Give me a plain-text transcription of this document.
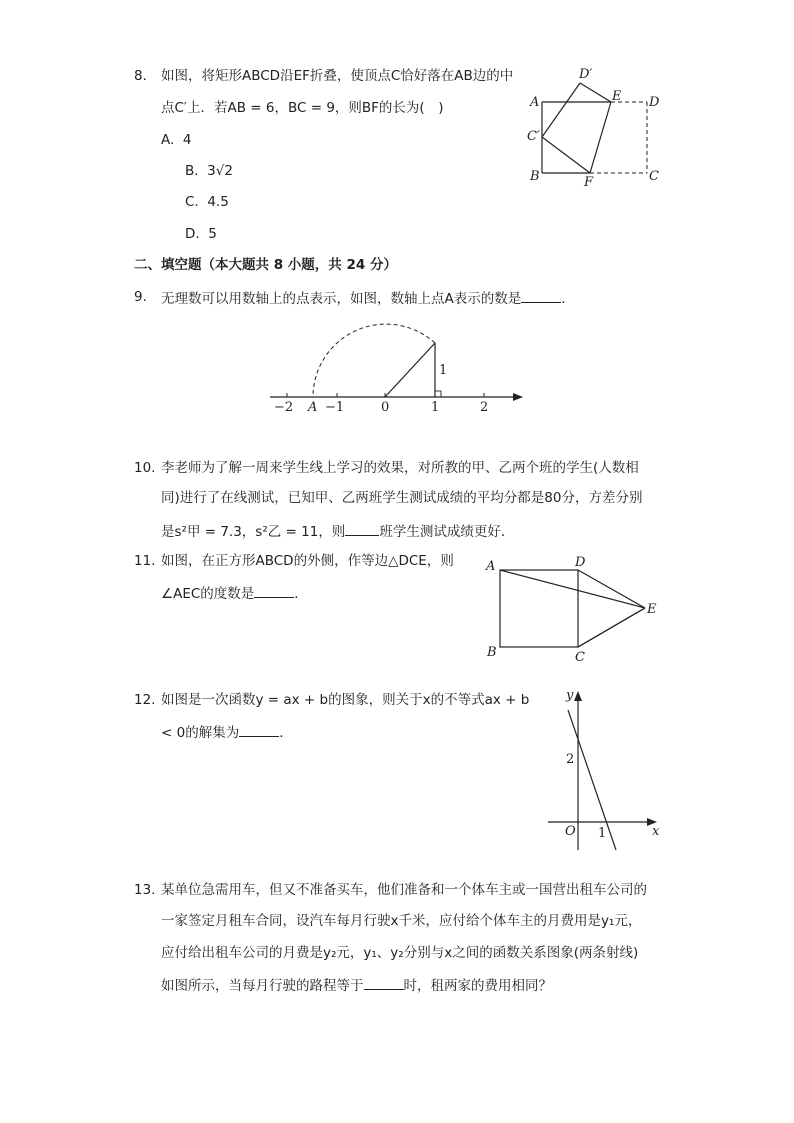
8. 如图，将矩形ABCD沿EF折叠，使顶点C恰好落在AB边的中
点C′上．若AB = 6，BC = 9，则BF的长为(　)
A. 4
B. 3√2
C. 4.5
D. 5
A
B	C
D
E
F
C′
D′
二、填空题（本大题共 8 小题，共 24 分）
9. 无理数可以用数轴上的点表示，如图，数轴上点A表示的数是	．
−2 A −1	0	1	2
1
10. 李老师为了解一周来学生线上学习的效果，对所教的甲、乙两个班的学生(人数相
同)进行了在线测试，已知甲、乙两班学生测试成绩的平均分都是80分，方差分别
是s²甲 = 7.3，s²乙 = 11，则	班学生测试成绩更好．
11. 如图，在正方形ABCD的外侧，作等边△DCE，则
∠AEC的度数是	．
A
B	C
D
E
12. 如图是一次函数y = ax + b的图象，则关于x的不等式ax + b
< 0的解集为	．
y
x
O
2
1
13. 某单位急需用车，但又不准备买车，他们准备和一个体车主或一国营出租车公司的
一家签定月租车合同，设汽车每月行驶x千米，应付给个体车主的月费用是y₁元，
应付给出租车公司的月费是y₂元，y₁、y₂分别与x之间的函数关系图象(两条射线)
如图所示，当每月行驶的路程等于	时，租两家的费用相同？
